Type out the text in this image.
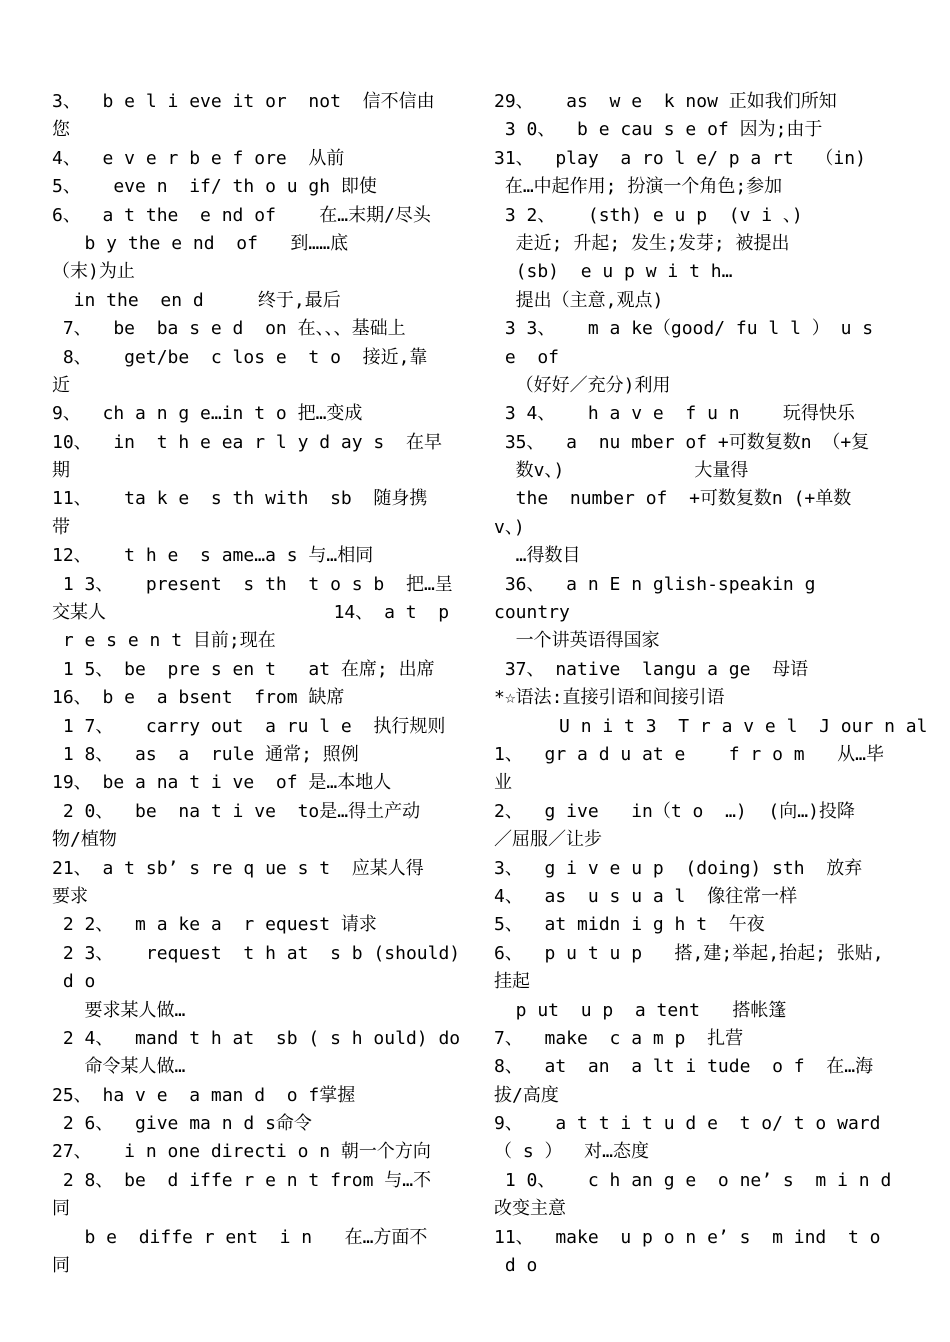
3、  b e l i eve it or  not  信不信由
您
4、  e v e r b e f ore  从前
5、   eve n  if/ th o u gh 即使
6、  a t the  e nd of    在…末期/尽头
b y the e nd  of   到……底
（末)为止
in the  en d     终于,最后
7、  be  ba s e d  on 在、、、基础上
8、   get/be  c los e  t o  接近,靠
近
9、  ch a n g e…in t o 把…变成
10、  in  t h e ea r l y d ay s  在早
期
11、   ta k e  s th with  sb  随身携
带
12、   t h e  s ame…a s 与…相同
1 3、   present  s th  t o s b  把…呈
交某人                     14、 a t  p
r e s e n t 目前;现在
1 5、 be  pre s en t   at 在席; 出席
16、 b e  a bsent  from 缺席
1 7、   carry out  a ru l e  执行规则
1 8、  as  a  rule 通常; 照例
19、 be a na t i ve  of 是…本地人
2 0、  be  na t i ve  to是…得土产动
物/植物
21、 a t sb’ s re q ue s t  应某人得
要求
2 2、  m a ke a  r equest 请求
2 3、   request  t h at  s b (should)
d o
要求某人做…
2 4、  mand t h at  sb ( s h ould) do
命令某人做…
25、 ha v e  a man d  o f掌握
2 6、  give ma n d s命令
27、   i n one directi o n 朝一个方向
2 8、 be  d iffe r e n t from 与…不
同
b e  diffe r ent  i n   在…方面不
同
29、   as  w e  k now 正如我们所知
3 0、  b e cau s e of 因为;由于
31、  play  a ro l e/ p a rt  （in)
在…中起作用; 扮演一个角色;参加
3 2、   (sth) e u p  (v i 、)
走近; 升起; 发生;发芽; 被提出
(sb)  e u p w i t h…
提出（主意,观点)
3 3、   m a ke（good/ fu l l ） u s
e  of
（好好／充分)利用
3 4、   h a v e  f u n    玩得快乐
35、  a  nu mber of +可数复数n （+复
数v、)            大量得
the  number of  +可数复数n (+单数
v、)
…得数目
36、  a n E n glish-speakin g
country
一个讲英语得国家
37、 native  langu a ge  母语
*☆语法:直接引语和间接引语
U n i t 3  T r a v e l  J our n al
1、  gr a d u at e    f r o m   从…毕
业
2、  g ive   in（t o  …)  (向…)投降
／屈服／让步
3、  g i v e u p  (doing) sth  放弃
4、  as  u s u a l  像往常一样
5、  at midn i g h t  午夜
6、  p u t u p   搭,建;举起,抬起; 张贴,
挂起
p ut  u p  a tent   搭帐篷
7、  make  c a m p  扎营
8、  at  an  a lt i tude  o f  在…海
拔/高度
9、   a t t i t u d e  t o/ t o ward
（ s ）  对…态度
1 0、   c h an g e  o ne’ s  m i n d
改变主意
11、  make  u p o n e’ s  m ind  t o
d o
